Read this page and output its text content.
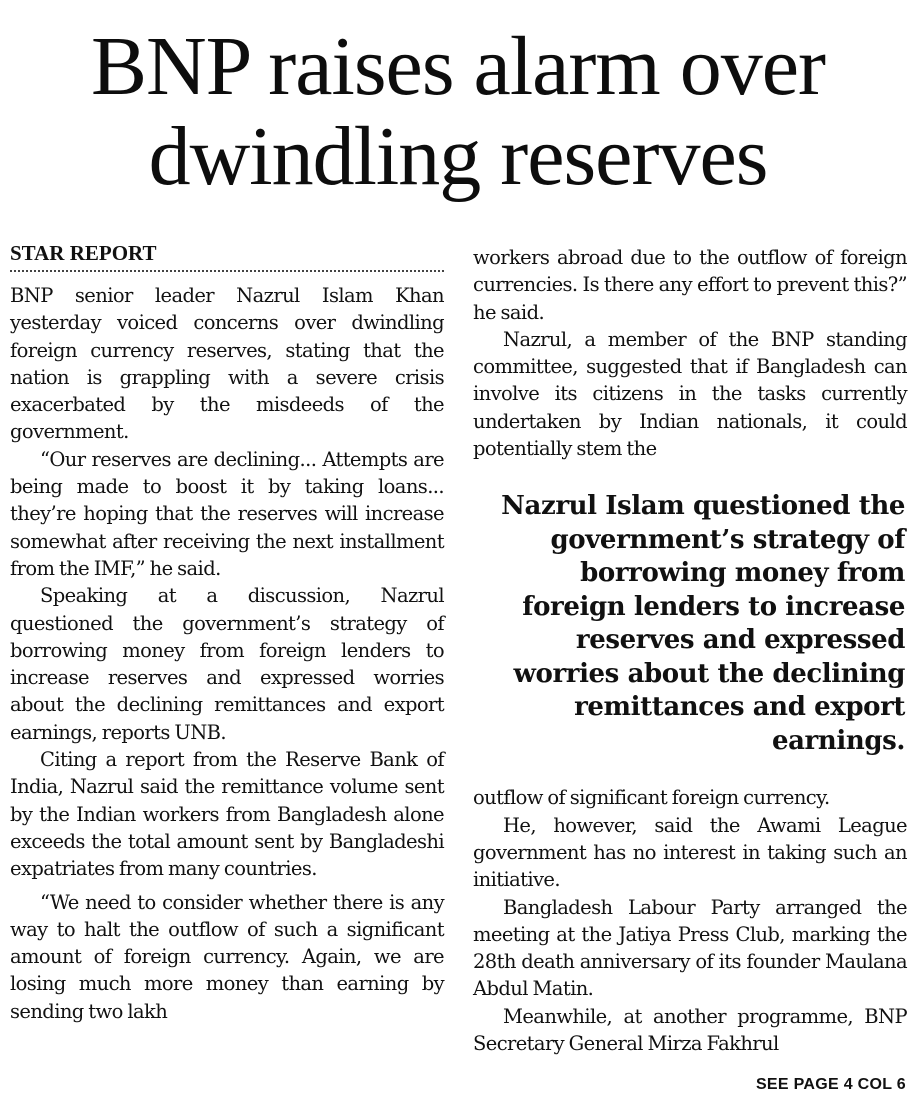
BNP raises alarm over
dwindling reserves
STAR REPORT

BNP senior leader Nazrul Islam Khan yesterday voiced concerns over dwindling foreign currency reserves, stating that the nation is grappling with a severe crisis exacerbated by the misdeeds of the government.

“Our reserves are declining... Attempts are being made to boost it by taking loans... they’re hoping that the reserves will increase somewhat after receiving the next installment from the IMF,” he said.

Speaking at a discussion, Nazrul questioned the government’s strategy of borrowing money from foreign lenders to increase reserves and expressed worries about the declining remittances and export earnings, reports UNB.

Citing a report from the Reserve Bank of India, Nazrul said the remittance volume sent by the Indian workers from Bangladesh alone exceeds the total amount sent by Bangladeshi expatriates from many countries.

“We need to consider whether there is any way to halt the outflow of such a significant amount of foreign currency. Again, we are losing much more money than earning by sending two lakh

workers abroad due to the outflow of foreign currencies. Is there any effort to prevent this?” he said.

Nazrul, a member of the BNP standing committee, suggested that if Bangladesh can involve its citizens in the tasks currently undertaken by Indian nationals, it could potentially stem the

Nazrul Islam questioned the government’s strategy of borrowing money from foreign lenders to increase reserves and expressed worries about the declining remittances and export earnings.

outflow of significant foreign currency.

He, however, said the Awami League government has no interest in taking such an initiative.

Bangladesh Labour Party arranged the meeting at the Jatiya Press Club, marking the 28th death anniversary of its founder Maulana Abdul Matin.

Meanwhile, at another programme, BNP Secretary General Mirza Fakhrul

SEE PAGE 4 COL 6
